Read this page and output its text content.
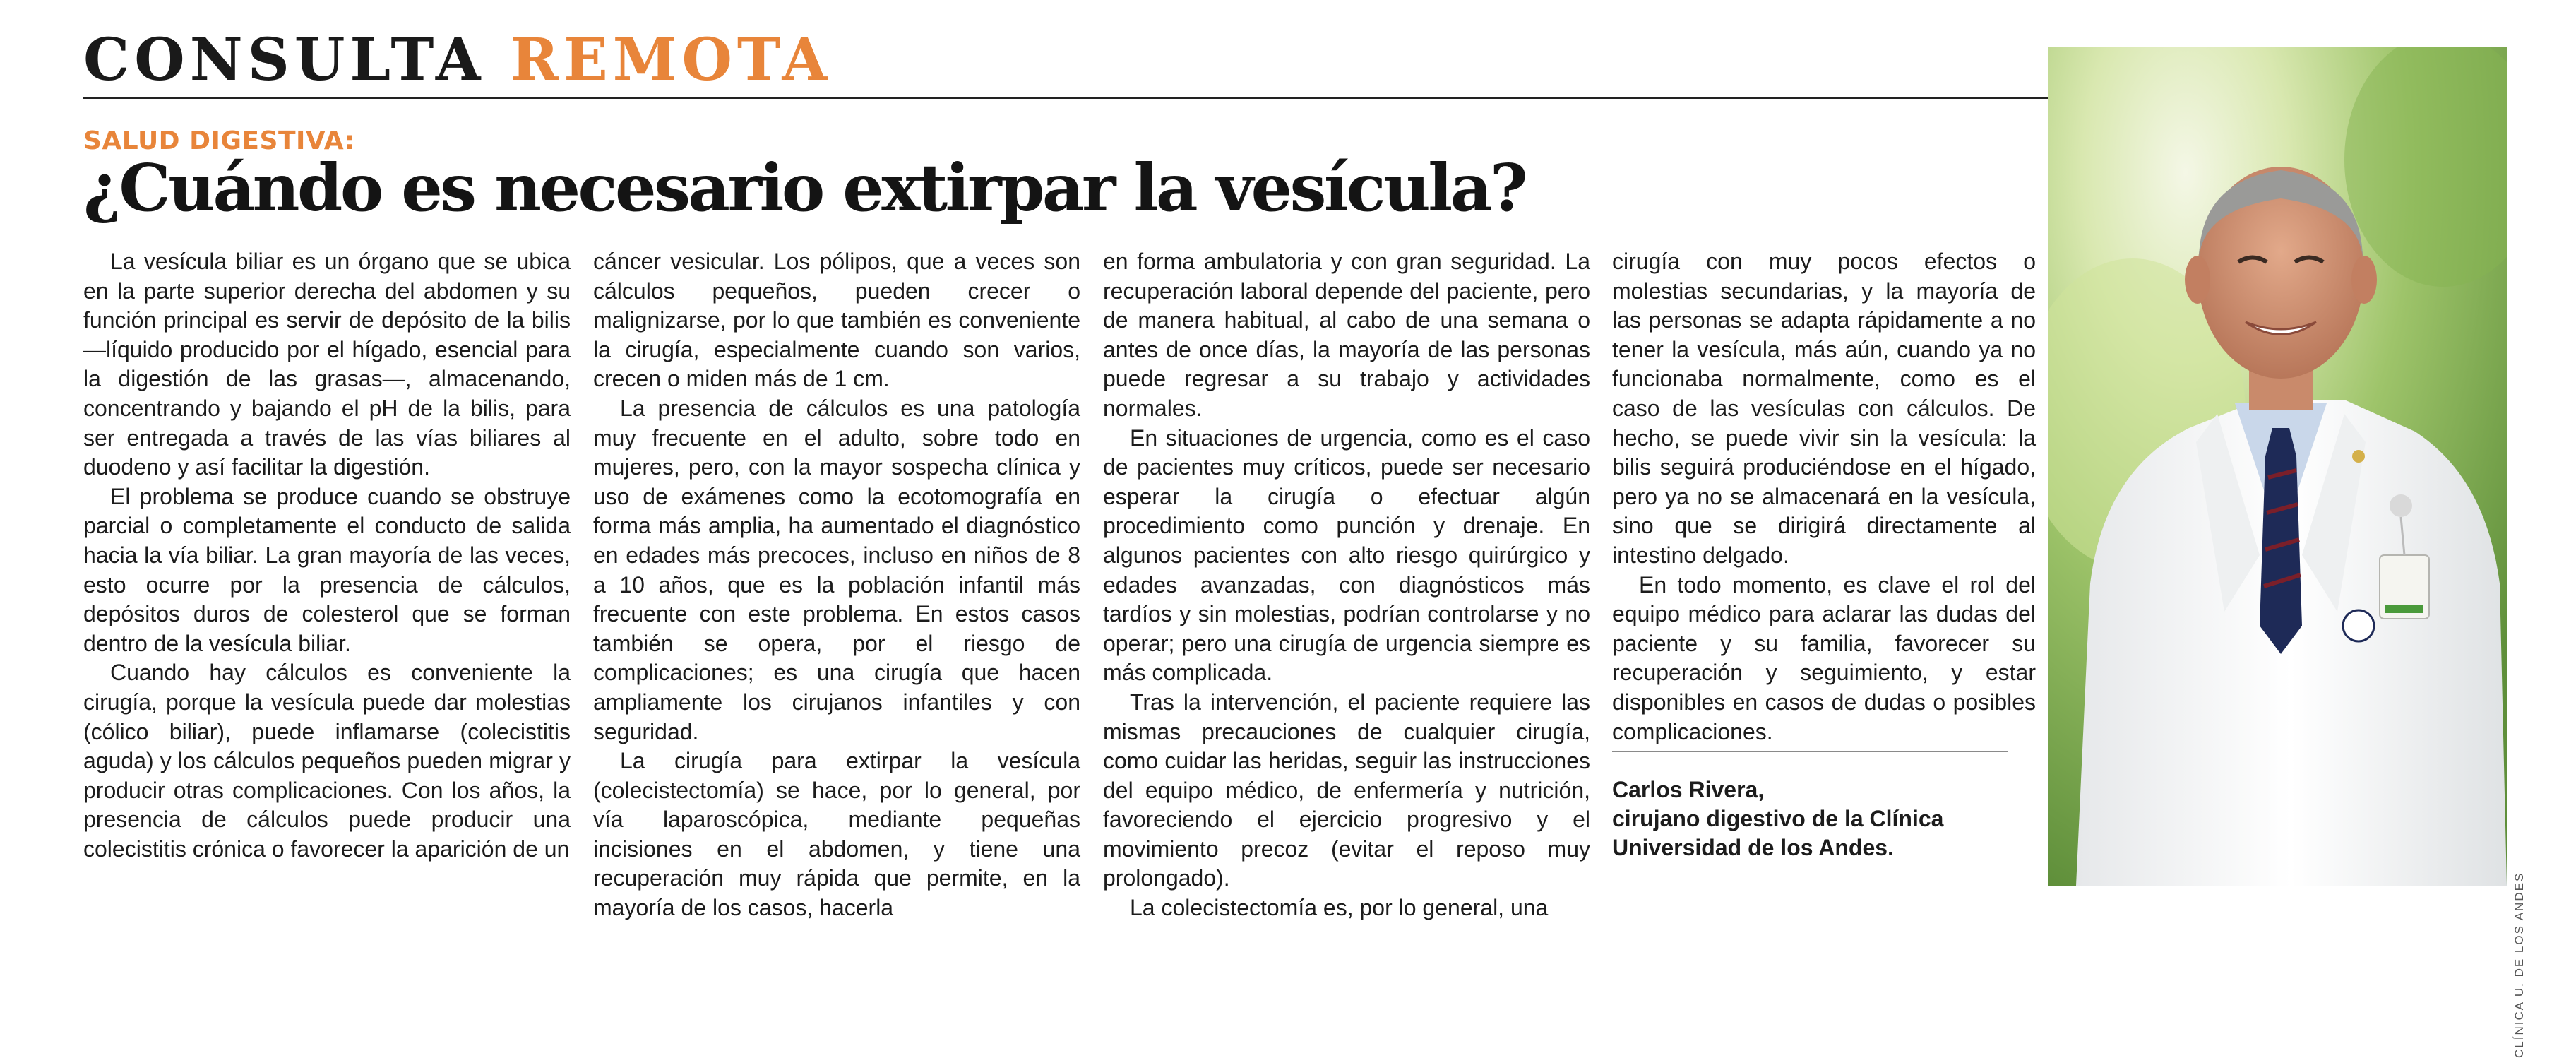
CONSULTA REMOTA
SALUD DIGESTIVA:
¿Cuándo es necesario extirpar la vesícula?

La vesícula biliar es un órgano que se ubica en la parte superior derecha del abdomen y su función principal es servir de depósito de la bilis —líquido producido por el hígado, esencial para la digestión de las grasas—, almacenando, concentrando y bajando el pH de la bilis, para ser entregada a través de las vías biliares al duodeno y así facilitar la digestión.

El problema se produce cuando se obstruye parcial o completamente el conducto de salida hacia la vía biliar. La gran mayoría de las veces, esto ocurre por la presencia de cálculos, depósitos duros de colesterol que se forman dentro de la vesícula biliar.

Cuando hay cálculos es conveniente la cirugía, porque la vesícula puede dar molestias (cólico biliar), puede inflamarse (colecistitis aguda) y los cálculos pequeños pueden migrar y producir otras complicaciones. Con los años, la presencia de cálculos puede producir una colecistitis crónica o favorecer la aparición de un

cáncer vesicular. Los pólipos, que a veces son cálculos pequeños, pueden crecer o malignizarse, por lo que también es conveniente la cirugía, especialmente cuando son varios, crecen o miden más de 1 cm.

La presencia de cálculos es una patología muy frecuente en el adulto, sobre todo en mujeres, pero, con la mayor sospecha clínica y uso de exámenes como la ecotomografía en forma más amplia, ha aumentado el diagnóstico en edades más precoces, incluso en niños de 8 a 10 años, que es la población infantil más frecuente con este problema. En estos casos también se opera, por el riesgo de complicaciones; es una cirugía que hacen ampliamente los cirujanos infantiles y con seguridad.

La cirugía para extirpar la vesícula (colecistectomía) se hace, por lo general, por vía laparoscópica, mediante pequeñas incisiones en el abdomen, y tiene una recuperación muy rápida que permite, en la mayoría de los casos, hacerla

en forma ambulatoria y con gran seguridad. La recuperación laboral depende del paciente, pero de manera habitual, al cabo de una semana o antes de once días, la mayoría de las personas puede regresar a su trabajo y actividades normales.

En situaciones de urgencia, como es el caso de pacientes muy críticos, puede ser necesario esperar la cirugía o efectuar algún procedimiento como punción y drenaje. En algunos pacientes con alto riesgo quirúrgico y edades avanzadas, con diagnósticos más tardíos y sin molestias, podrían controlarse y no operar; pero una cirugía de urgencia siempre es más complicada.

Tras la intervención, el paciente requiere las mismas precauciones de cualquier cirugía, como cuidar las heridas, seguir las instrucciones del equipo médico, de enfermería y nutrición, favoreciendo el ejercicio progresivo y el movimiento precoz (evitar el reposo muy prolongado).

La colecistectomía es, por lo general, una

cirugía con muy pocos efectos o molestias secundarias, y la mayoría de las personas se adapta rápidamente a no tener la vesícula, más aún, cuando ya no funcionaba normalmente, como es el caso de las vesículas con cálculos. De hecho, se puede vivir sin la vesícula: la bilis seguirá produciéndose en el hígado, pero ya no se almacenará en la vesícula, sino que se dirigirá directamente al intestino delgado.

En todo momento, es clave el rol del equipo médico para aclarar las dudas del paciente y su familia, favorecer su recuperación y seguimiento, y estar disponibles en casos de dudas o posibles complicaciones.

Carlos Rivera,
cirujano digestivo de la Clínica
Universidad de los Andes.
CLÍNICA U. DE LOS ANDES
